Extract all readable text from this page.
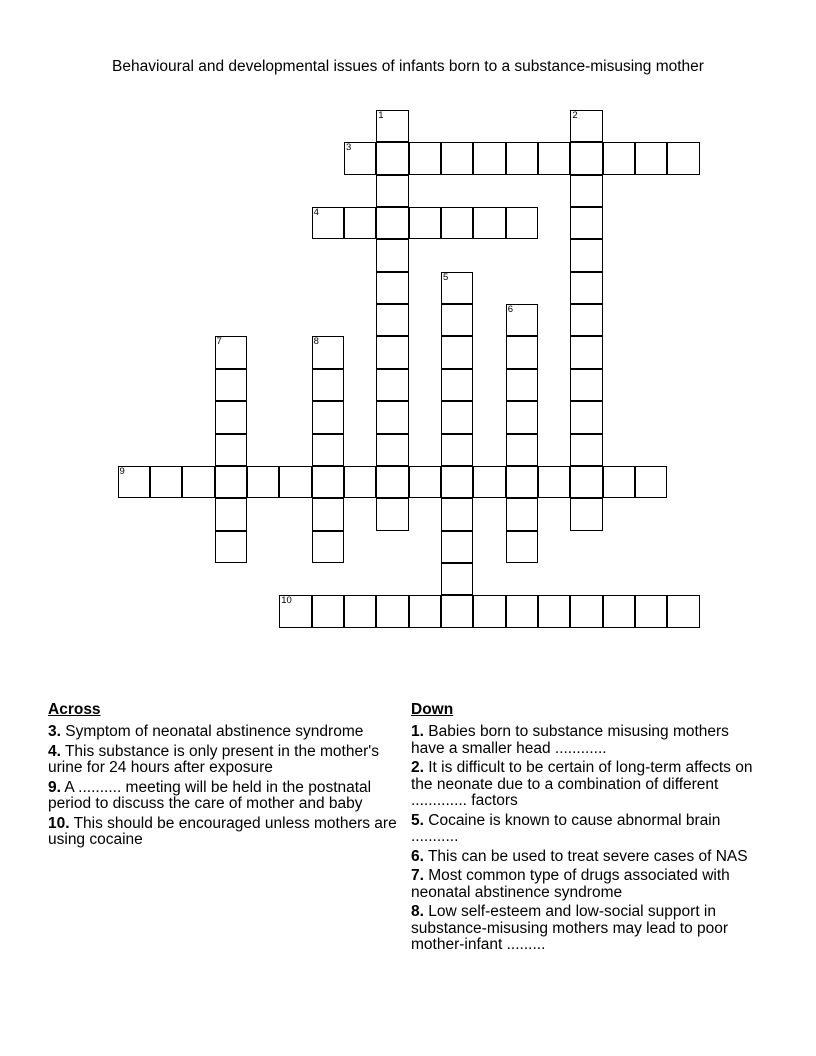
Behavioural and developmental issues of infants born to a substance-misusing mother
1	2
3
4
5
6
7	8
9
10
Across
3. Symptom of neonatal abstinence syndrome
4. This substance is only present in the mother's urine for 24 hours after exposure
9. A .......... meeting will be held in the postnatal period to discuss the care of mother and baby
10. This should be encouraged unless mothers are using cocaine
Down
1. Babies born to substance misusing mothers have a smaller head ............
2. It is difficult to be certain of long-term affects on the neonate due to a combination of different ............. factors
5. Cocaine is known to cause abnormal brain ...........
6. This can be used to treat severe cases of NAS
7. Most common type of drugs associated with neonatal abstinence syndrome
8. Low self-esteem and low-social support in substance-misusing mothers may lead to poor mother-infant .........
